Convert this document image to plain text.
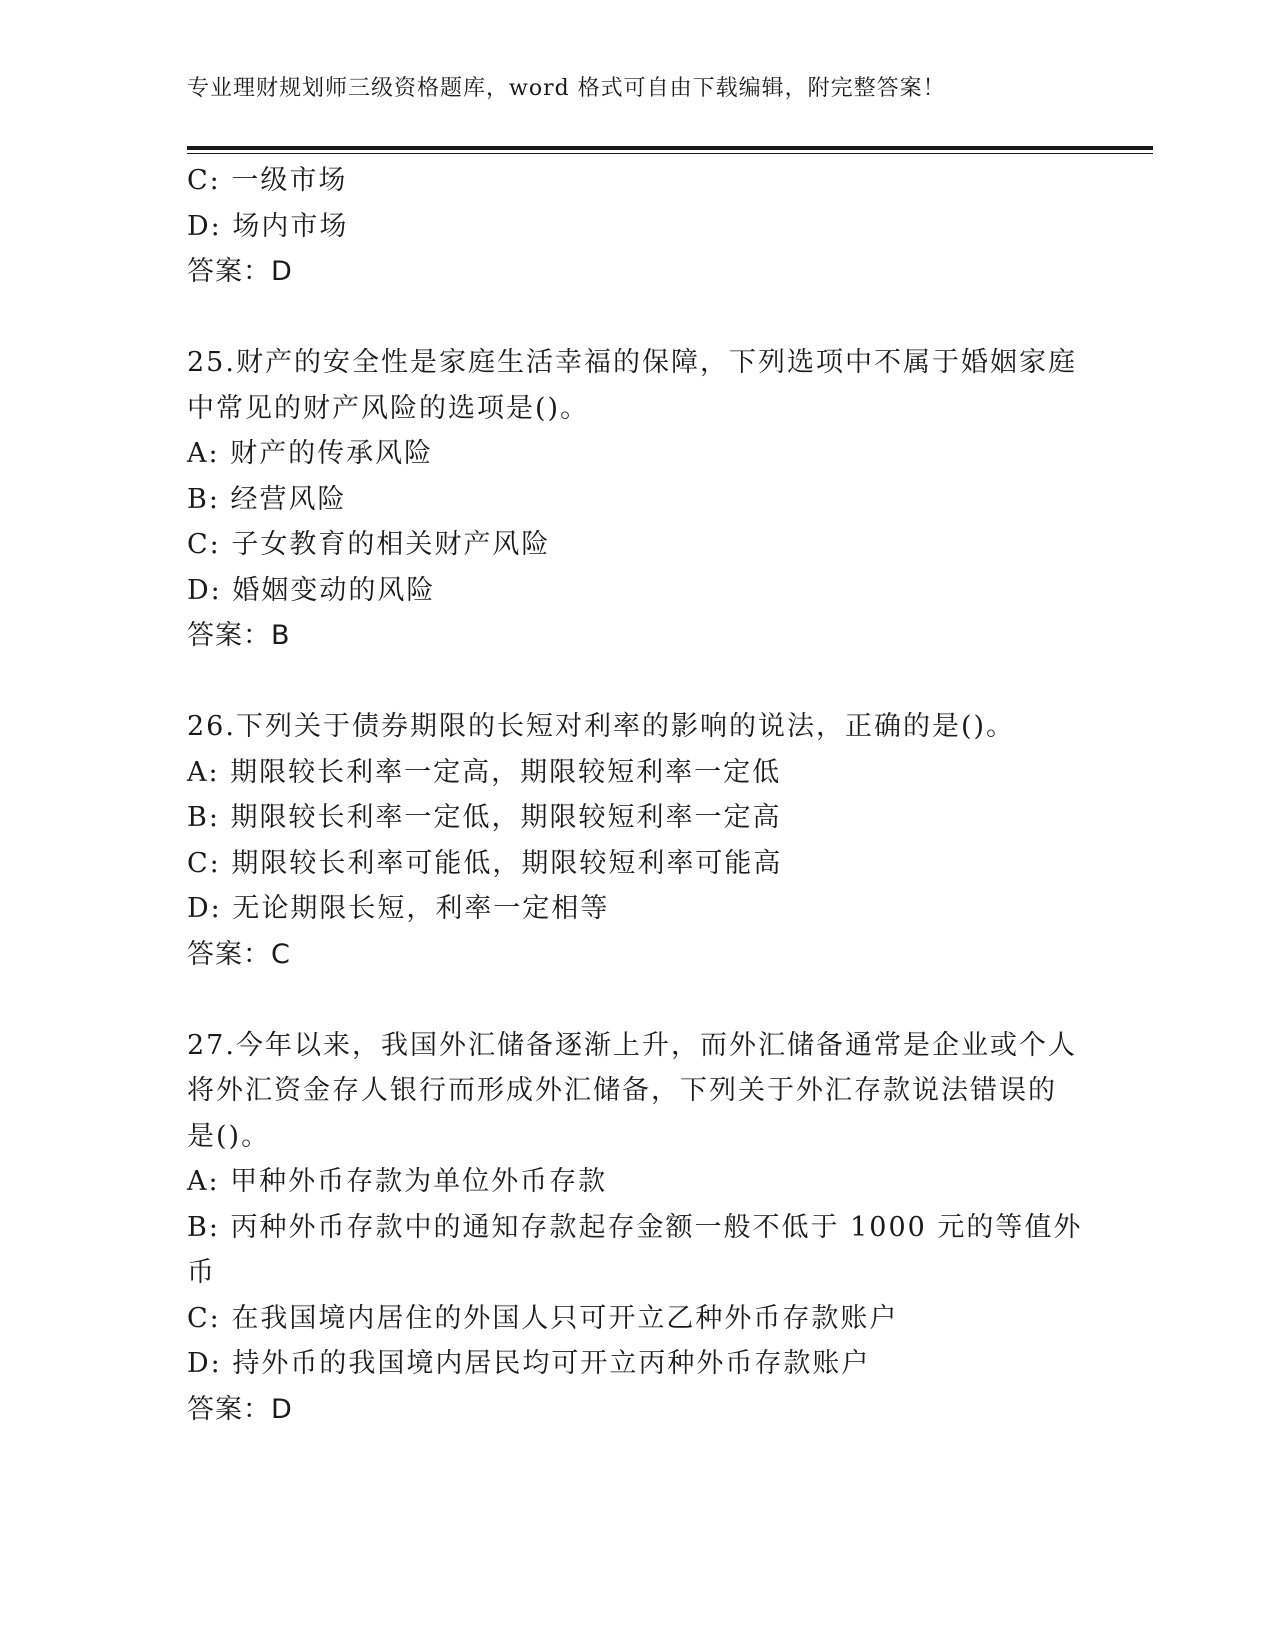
专业理财规划师三级资格题库，word 格式可自由下载编辑，附完整答案！

C: 一级市场

D: 场内市场

答案：D

25.财产的安全性是家庭生活幸福的保障，下列选项中不属于婚姻家庭

中常见的财产风险的选项是()。

A: 财产的传承风险

B: 经营风险

C: 子女教育的相关财产风险

D: 婚姻变动的风险

答案：B

26.下列关于债券期限的长短对利率的影响的说法，正确的是()。

A: 期限较长利率一定高，期限较短利率一定低

B: 期限较长利率一定低，期限较短利率一定高

C: 期限较长利率可能低，期限较短利率可能高

D: 无论期限长短，利率一定相等

答案：C

27.今年以来，我国外汇储备逐渐上升，而外汇储备通常是企业或个人

将外汇资金存人银行而形成外汇储备，下列关于外汇存款说法错误的

是()。

A: 甲种外币存款为单位外币存款

B: 丙种外币存款中的通知存款起存金额一般不低于 1000 元的等值外

币

C: 在我国境内居住的外国人只可开立乙种外币存款账户

D: 持外币的我国境内居民均可开立丙种外币存款账户

答案：D
